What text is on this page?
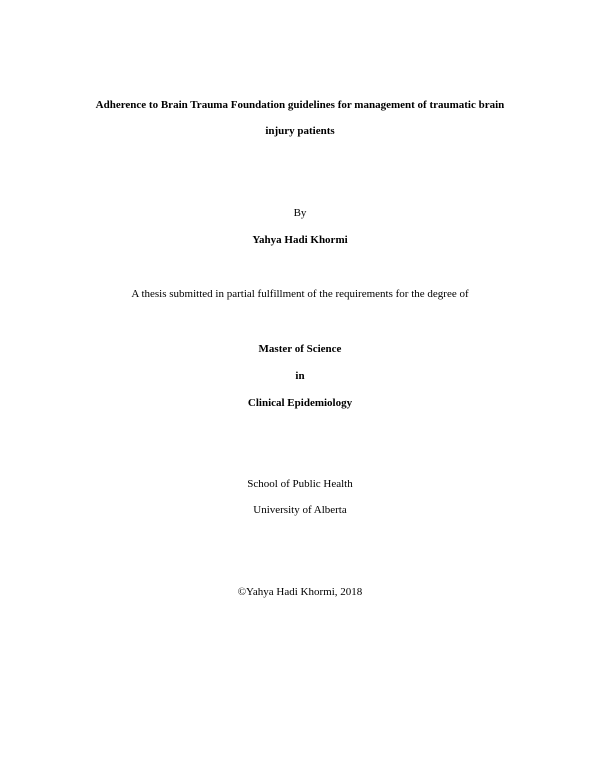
Adherence to Brain Trauma Foundation guidelines for management of traumatic brain
injury patients
By
Yahya Hadi Khormi
A thesis submitted in partial fulfillment of the requirements for the degree of
Master of Science
in
Clinical Epidemiology
School of Public Health
University of Alberta
©Yahya Hadi Khormi, 2018
